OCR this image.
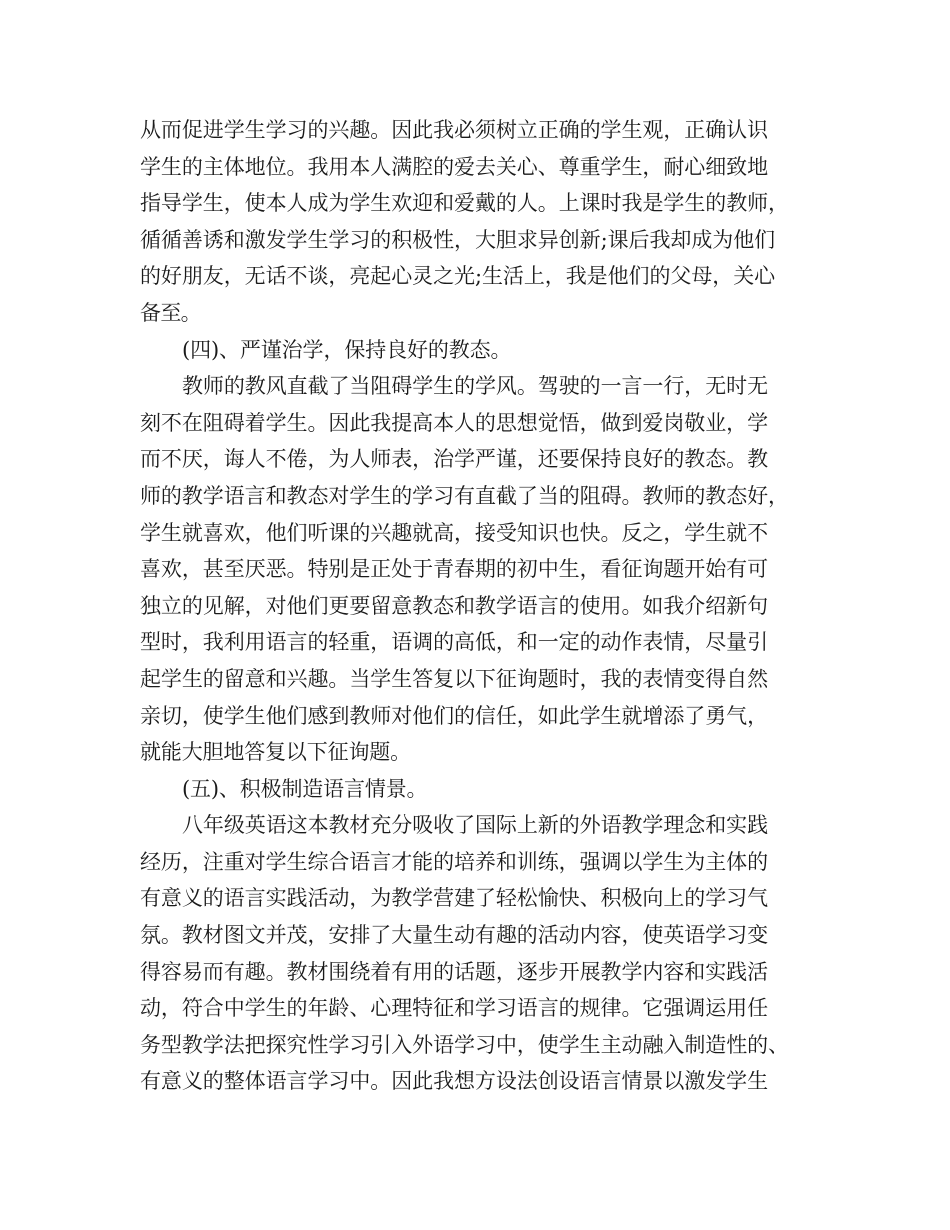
从而促进学生学习的兴趣。因此我必须树立正确的学生观，正确认识
学生的主体地位。我用本人满腔的爱去关心、尊重学生，耐心细致地
指导学生，使本人成为学生欢迎和爱戴的人。上课时我是学生的教师，
循循善诱和激发学生学习的积极性，大胆求异创新;课后我却成为他们
的好朋友，无话不谈，亮起心灵之光;生活上，我是他们的父母，关心
备至。
(四)、严谨治学，保持良好的教态。
教师的教风直截了当阻碍学生的学风。驾驶的一言一行，无时无
刻不在阻碍着学生。因此我提高本人的思想觉悟，做到爱岗敬业，学
而不厌，诲人不倦，为人师表，治学严谨，还要保持良好的教态。教
师的教学语言和教态对学生的学习有直截了当的阻碍。教师的教态好，
学生就喜欢，他们听课的兴趣就高，接受知识也快。反之，学生就不
喜欢，甚至厌恶。特别是正处于青春期的初中生，看征询题开始有可
独立的见解，对他们更要留意教态和教学语言的使用。如我介绍新句
型时，我利用语言的轻重，语调的高低，和一定的动作表情，尽量引
起学生的留意和兴趣。当学生答复以下征询题时，我的表情变得自然
亲切，使学生他们感到教师对他们的信任，如此学生就增添了勇气，
就能大胆地答复以下征询题。
(五)、积极制造语言情景。
八年级英语这本教材充分吸收了国际上新的外语教学理念和实践
经历，注重对学生综合语言才能的培养和训练，强调以学生为主体的
有意义的语言实践活动，为教学营建了轻松愉快、积极向上的学习气
氛。教材图文并茂，安排了大量生动有趣的活动内容，使英语学习变
得容易而有趣。教材围绕着有用的话题，逐步开展教学内容和实践活
动，符合中学生的年龄、心理特征和学习语言的规律。它强调运用任
务型教学法把探究性学习引入外语学习中，使学生主动融入制造性的、
有意义的整体语言学习中。因此我想方设法创设语言情景以激发学生
